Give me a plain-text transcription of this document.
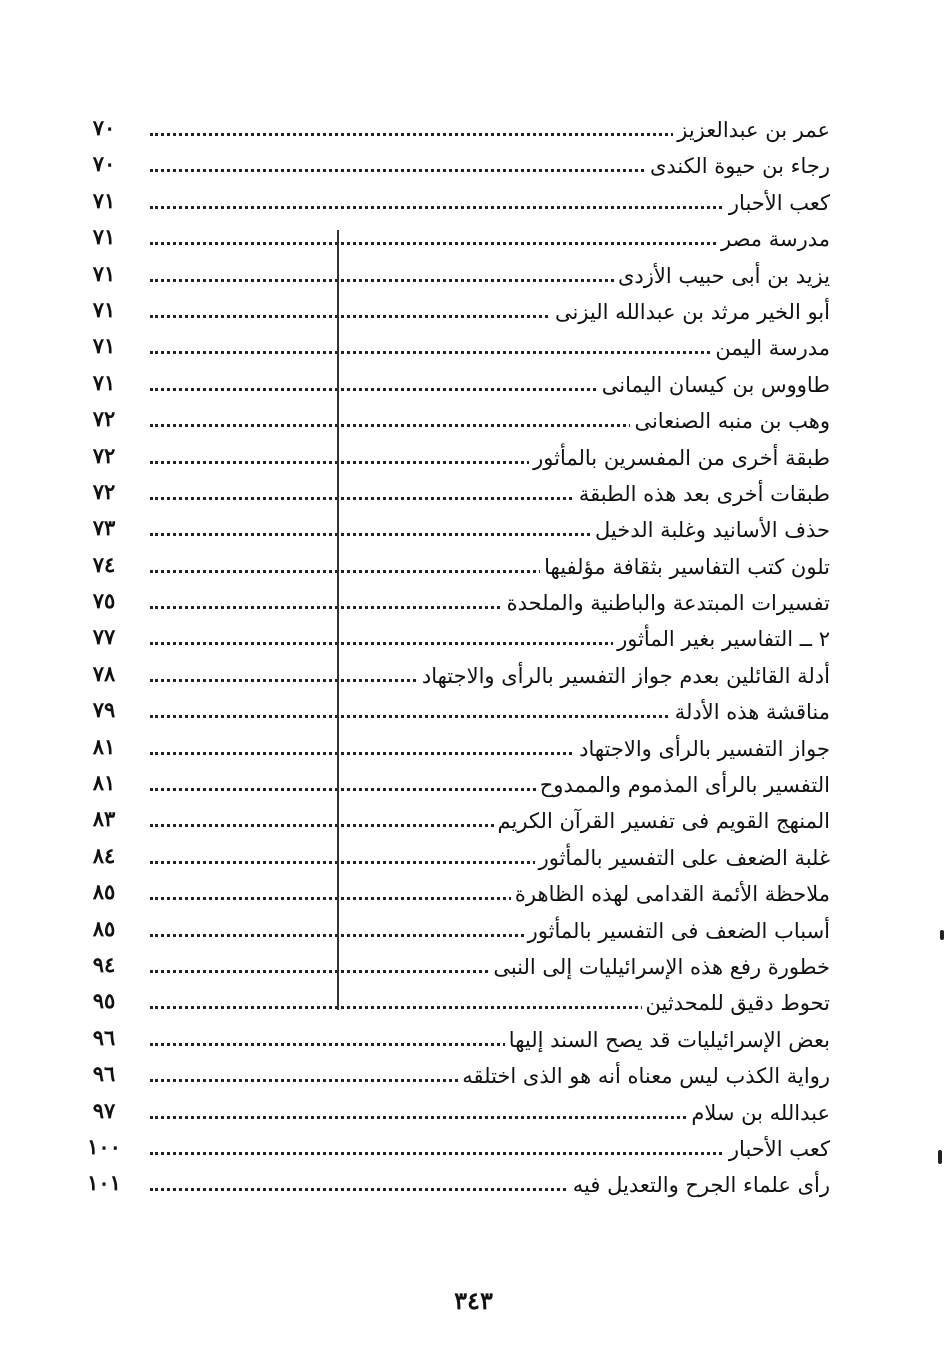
عمر بن عبدالعزيز
٧٠
رجاء بن حيوة الكندى
٧٠
كعب الأحبار
٧١
مدرسة مصر
٧١
يزيد بن أبى حبيب الأزدى
٧١
أبو الخير مرثد بن عبدالله اليزنى
٧١
مدرسة اليمن
٧١
طاووس بن كيسان اليمانى
٧١
وهب بن منبه الصنعانى
٧٢
طبقة أخرى من المفسرين بالمأثور
٧٢
طبقات أخرى بعد هذه الطبقة
٧٢
حذف الأسانيد وغلبة الدخيل
٧٣
تلون كتب التفاسير بثقافة مؤلفيها
٧٤
تفسيرات المبتدعة والباطنية والملحدة
٧٥
٢ ــ التفاسير بغير المأثور
٧٧
أدلة القائلين بعدم جواز التفسير بالرأى والاجتهاد
٧٨
مناقشة هذه الأدلة
٧٩
جواز التفسير بالرأى والاجتهاد
٨١
التفسير بالرأى المذموم والممدوح
٨١
المنهج القويم فى تفسير القرآن الكريم
٨٣
غلبة الضعف على التفسير بالمأثور
٨٤
ملاحظة الأئمة القدامى لهذه الظاهرة
٨٥
أسباب الضعف فى التفسير بالمأثور
٨٥
خطورة رفع هذه الإسرائيليات إلى النبى
٩٤
تحوط دقيق للمحدثين
٩٥
بعض الإسرائيليات قد يصح السند إليها
٩٦
رواية الكذب ليس معناه أنه هو الذى اختلقه
٩٦
عبدالله بن سلام
٩٧
كعب الأحبار
١٠٠
رأى علماء الجرح والتعديل فيه
١٠١
٣٤٣
